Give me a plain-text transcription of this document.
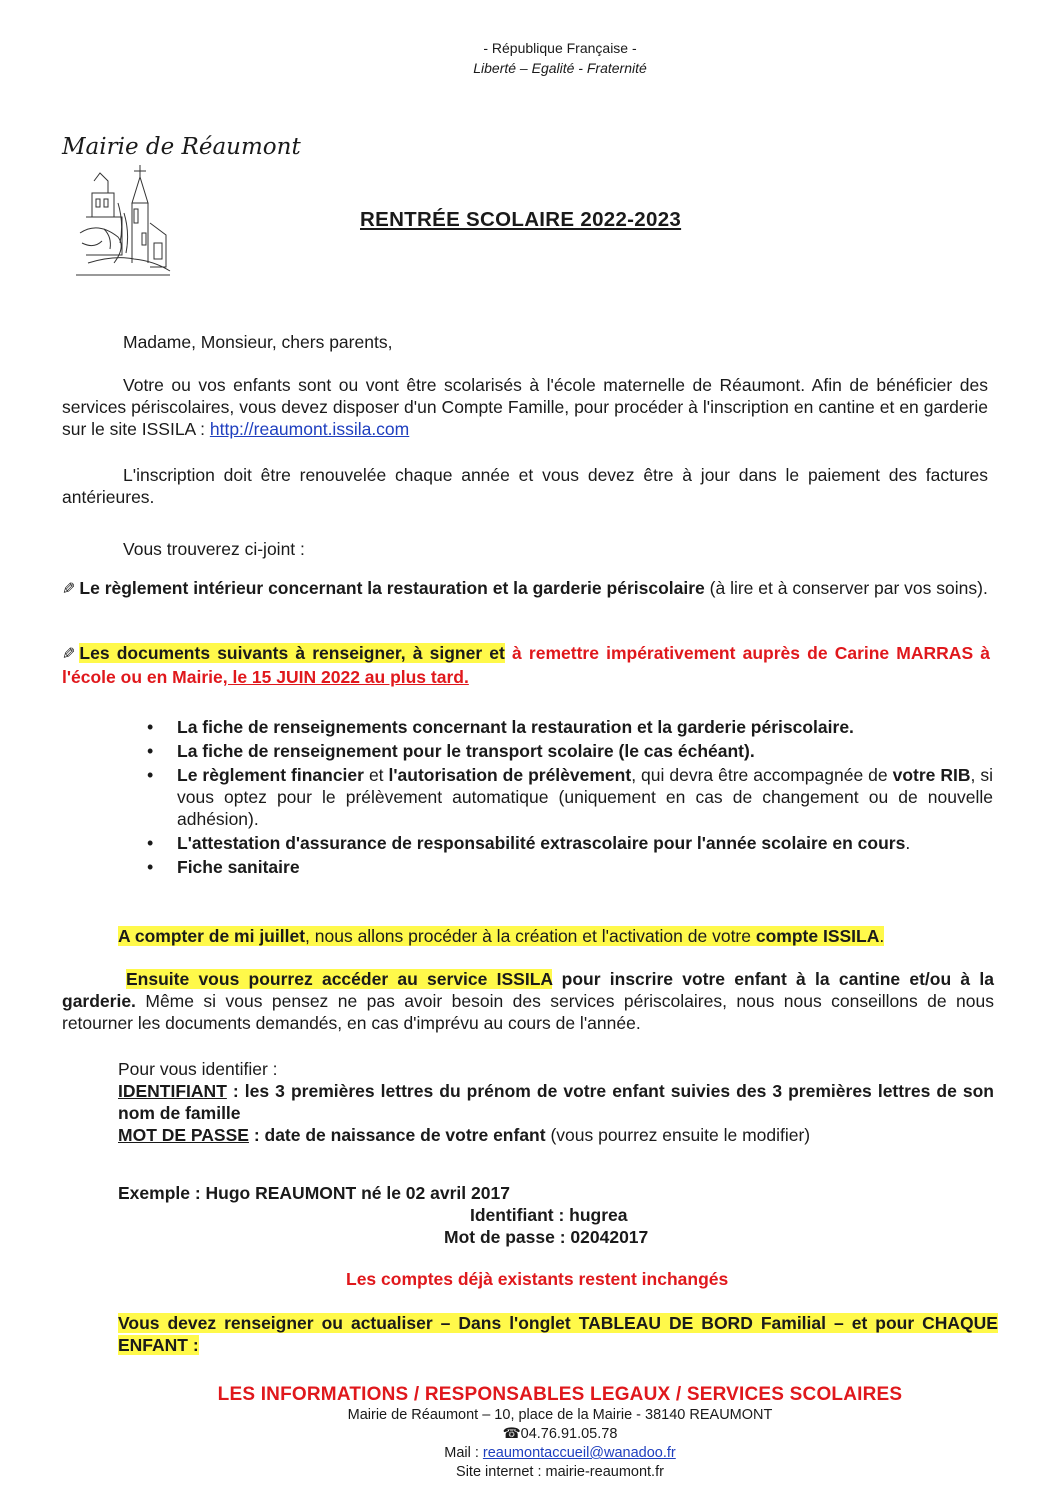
- République Française -
Liberté – Egalité - Fraternité
Mairie de Réaumont
RENTRÉE SCOLAIRE 2022-2023
Madame, Monsieur, chers parents,
Votre ou vos enfants sont ou vont être scolarisés à l'école maternelle de Réaumont. Afin de bénéficier des services périscolaires, vous devez disposer d'un Compte Famille, pour procéder à l'inscription en cantine et en garderie sur le site ISSILA : http://reaumont.issila.com
L'inscription doit être renouvelée chaque année et vous devez être à jour dans le paiement des factures antérieures.
Vous trouverez ci-joint :
✎ Le règlement intérieur concernant la restauration et la garderie périscolaire (à lire et à conserver par vos soins).
✎ Les documents suivants à renseigner, à signer et à remettre impérativement auprès de Carine MARRAS à l'école ou en Mairie, le 15 JUIN 2022 au plus tard.
• La fiche de renseignements concernant la restauration et la garderie périscolaire.
• La fiche de renseignement pour le transport scolaire (le cas échéant).
• Le règlement financier et l'autorisation de prélèvement, qui devra être accompagnée de votre RIB, si vous optez pour le prélèvement automatique (uniquement en cas de changement ou de nouvelle adhésion).
• L'attestation d'assurance de responsabilité extrascolaire pour l'année scolaire en cours.
• Fiche sanitaire
A compter de mi juillet, nous allons procéder à la création et l'activation de votre compte ISSILA.
Ensuite vous pourrez accéder au service ISSILA pour inscrire votre enfant à la cantine et/ou à la garderie. Même si vous pensez ne pas avoir besoin des services périscolaires, nous nous conseillons de nous retourner les documents demandés, en cas d'imprévu au cours de l'année.
Pour vous identifier :
IDENTIFIANT : les 3 premières lettres du prénom de votre enfant suivies des 3 premières lettres de son nom de famille
MOT DE PASSE : date de naissance de votre enfant (vous pourrez ensuite le modifier)
Exemple : Hugo REAUMONT né le 02 avril 2017
Identifiant : hugrea
Mot de passe : 02042017
Les comptes déjà existants restent inchangés
Vous devez renseigner ou actualiser – Dans l'onglet TABLEAU DE BORD Familial – et pour CHAQUE ENFANT :
LES INFORMATIONS / RESPONSABLES LEGAUX / SERVICES SCOLAIRES
Mairie de Réaumont – 10, place de la Mairie - 38140 REAUMONT
☎04.76.91.05.78
Mail : reaumontaccueil@wanadoo.fr
Site internet : mairie-reaumont.fr
